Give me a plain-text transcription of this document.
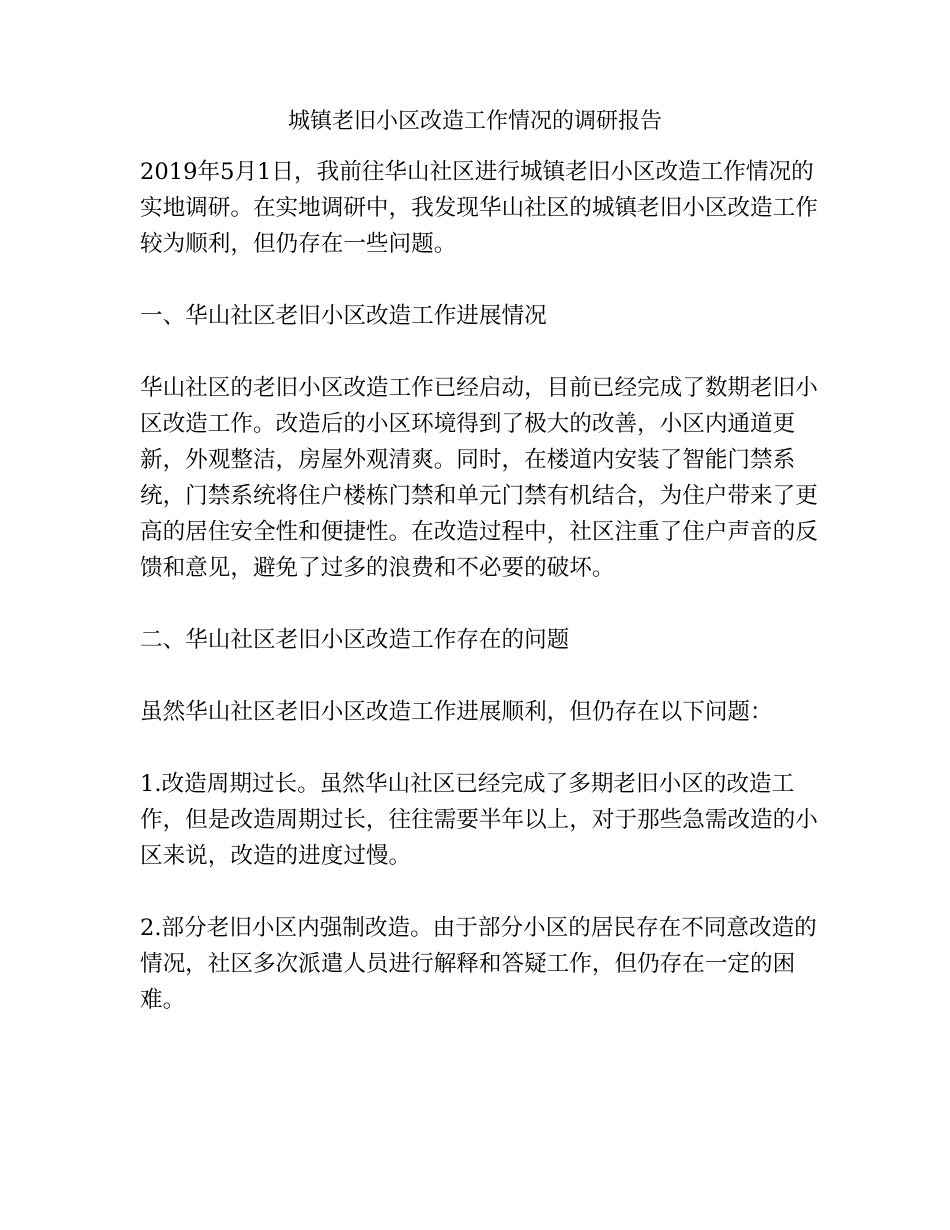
城镇老旧小区改造工作情况的调研报告

2019年5月1日，我前往华山社区进行城镇老旧小区改造工作情况的实地调研。在实地调研中，我发现华山社区的城镇老旧小区改造工作较为顺利，但仍存在一些问题。

一、华山社区老旧小区改造工作进展情况

华山社区的老旧小区改造工作已经启动，目前已经完成了数期老旧小区改造工作。改造后的小区环境得到了极大的改善，小区内通道更新，外观整洁，房屋外观清爽。同时，在楼道内安装了智能门禁系统，门禁系统将住户楼栋门禁和单元门禁有机结合，为住户带来了更高的居住安全性和便捷性。在改造过程中，社区注重了住户声音的反馈和意见，避免了过多的浪费和不必要的破坏。

二、华山社区老旧小区改造工作存在的问题

虽然华山社区老旧小区改造工作进展顺利，但仍存在以下问题：

1.改造周期过长。虽然华山社区已经完成了多期老旧小区的改造工作，但是改造周期过长，往往需要半年以上，对于那些急需改造的小区来说，改造的进度过慢。

2.部分老旧小区内强制改造。由于部分小区的居民存在不同意改造的情况，社区多次派遣人员进行解释和答疑工作，但仍存在一定的困难。
